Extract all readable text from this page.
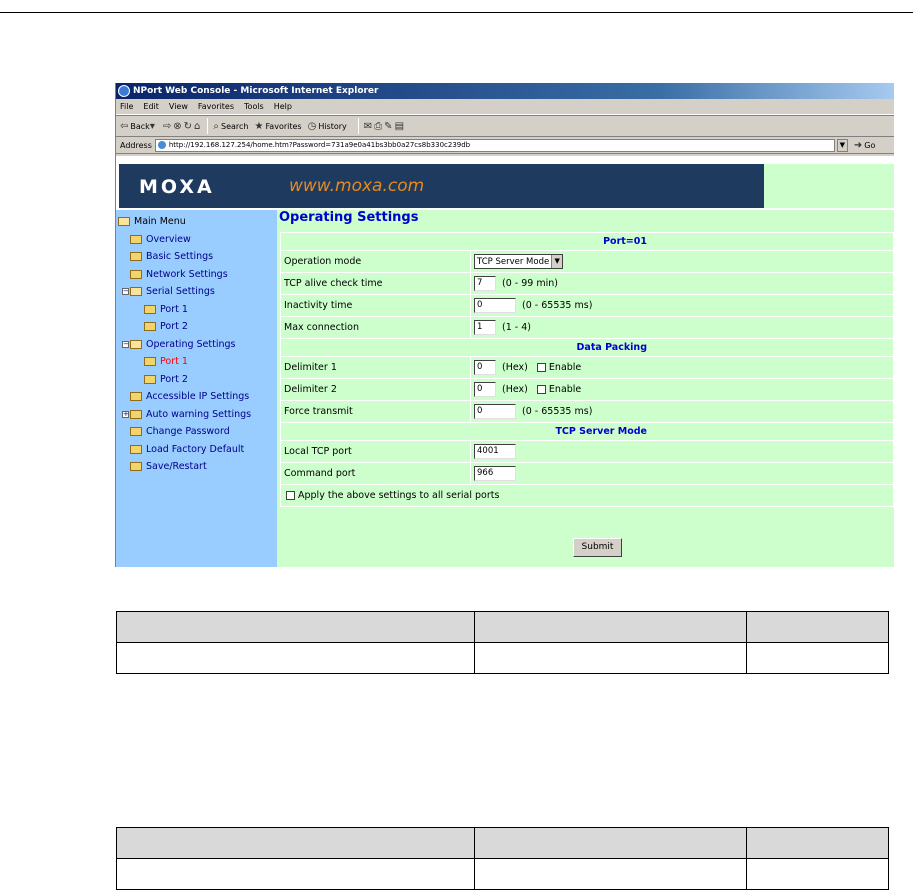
NPort Web Console - Microsoft Internet Explorer
File Edit View Favorites Tools Help
⇦ Back ▾ ⇨ ⊗ ↻ ⌂ ⌕ Search ★ Favorites ◷ History ✉ ⎙ ✎ ▤
Address http://192.168.127.254/home.htm?Password=731a9e0a41bs3bb0a27cs8b330c239db	▼ ➜ Go
MOXA	www.moxa.com
Main Menu
Overview
Basic Settings
Network Settings
− Serial Settings
Port 1
Port 2
− Operating Settings
Port 1
Port 2
Accessible IP Settings
+ Auto warning Settings
Change Password
Load Factory Default
Save/Restart
Operating Settings
Port=01	
Operation mode	TCP Server Mode ▼

TCP alive check time	7 (0 - 99 min)
Inactivity time	0 (0 - 65535 ms)
Max connection	1 (1 - 4)
Data Packing	
Delimiter 1	0 (Hex) Enable
Delimiter 2	0 (Hex) Enable
Force transmit	0 (0 - 65535 ms)
TCP Server Mode	
Local TCP port	4001
Command port	966
Apply the above settings to all serial ports	
Submit
